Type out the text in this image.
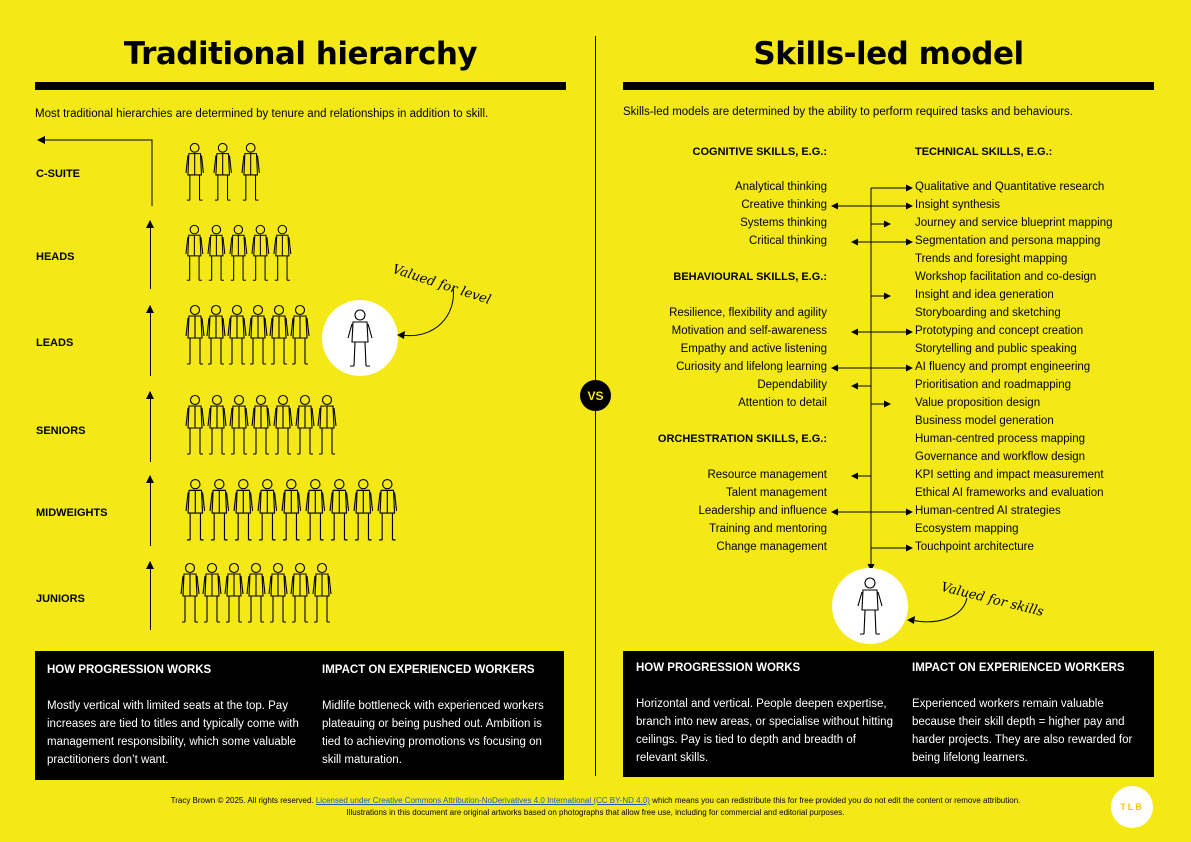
Traditional hierarchy
Most traditional hierarchies are determined by tenure and relationships in addition to skill.
C-SUITE
HEADS
LEADS
SENIORS
MIDWEIGHTS
JUNIORS
Valued for level
HOW PROGRESSION WORKS
Mostly vertical with limited seats at the top. Pay increases are tied to titles and typically come with management responsibility, which some valuable practitioners don’t want.
IMPACT ON EXPERIENCED WORKERS
Midlife bottleneck with experienced workers plateauing or being pushed out. Ambition is tied to achieving promotions vs focusing on skill maturation.
VS
Skills-led model
Skills-led models are determined by the ability to perform required tasks and behaviours.
COGNITIVE SKILLS, E.G.:	TECHNICAL SKILLS, E.G.:
Analytical thinking
Creative thinking
Systems thinking
Critical thinking
BEHAVIOURAL SKILLS, E.G.:
Resilience, flexibility and agility
Motivation and self-awareness
Empathy and active listening
Curiosity and lifelong learning
Dependability
Attention to detail
ORCHESTRATION SKILLS, E.G.:
Resource management
Talent management
Leadership and influence
Training and mentoring
Change management
Qualitative and Quantitative research
Insight synthesis
Journey and service blueprint mapping
Segmentation and persona mapping
Trends and foresight mapping
Workshop facilitation and co-design
Insight and idea generation
Storyboarding and sketching
Prototyping and concept creation
Storytelling and public speaking
AI fluency and prompt engineering
Prioritisation and roadmapping
Value proposition design
Business model generation
Human-centred process mapping
Governance and workflow design
KPI setting and impact measurement
Ethical AI frameworks and evaluation
Human-centred AI strategies
Ecosystem mapping
Touchpoint architecture
Valued for skills
HOW PROGRESSION WORKS
Horizontal and vertical. People deepen expertise, branch into new areas, or specialise without hitting ceilings. Pay is tied to depth and breadth of relevant skills.
IMPACT ON EXPERIENCED WORKERS
Experienced workers remain valuable because their skill depth = higher pay and harder projects. They are also rewarded for being lifelong learners.
Tracy Brown © 2025. All rights reserved. Licensed under Creative Commons Attribution-NoDerivatives 4.0 International (CC BY-ND 4.0) which means you can redistribute this for free provided you do not edit the content or remove attribution.
Illustrations in this document are original artworks based on photographs that allow free use, including for commercial and editorial purposes.
TLB
